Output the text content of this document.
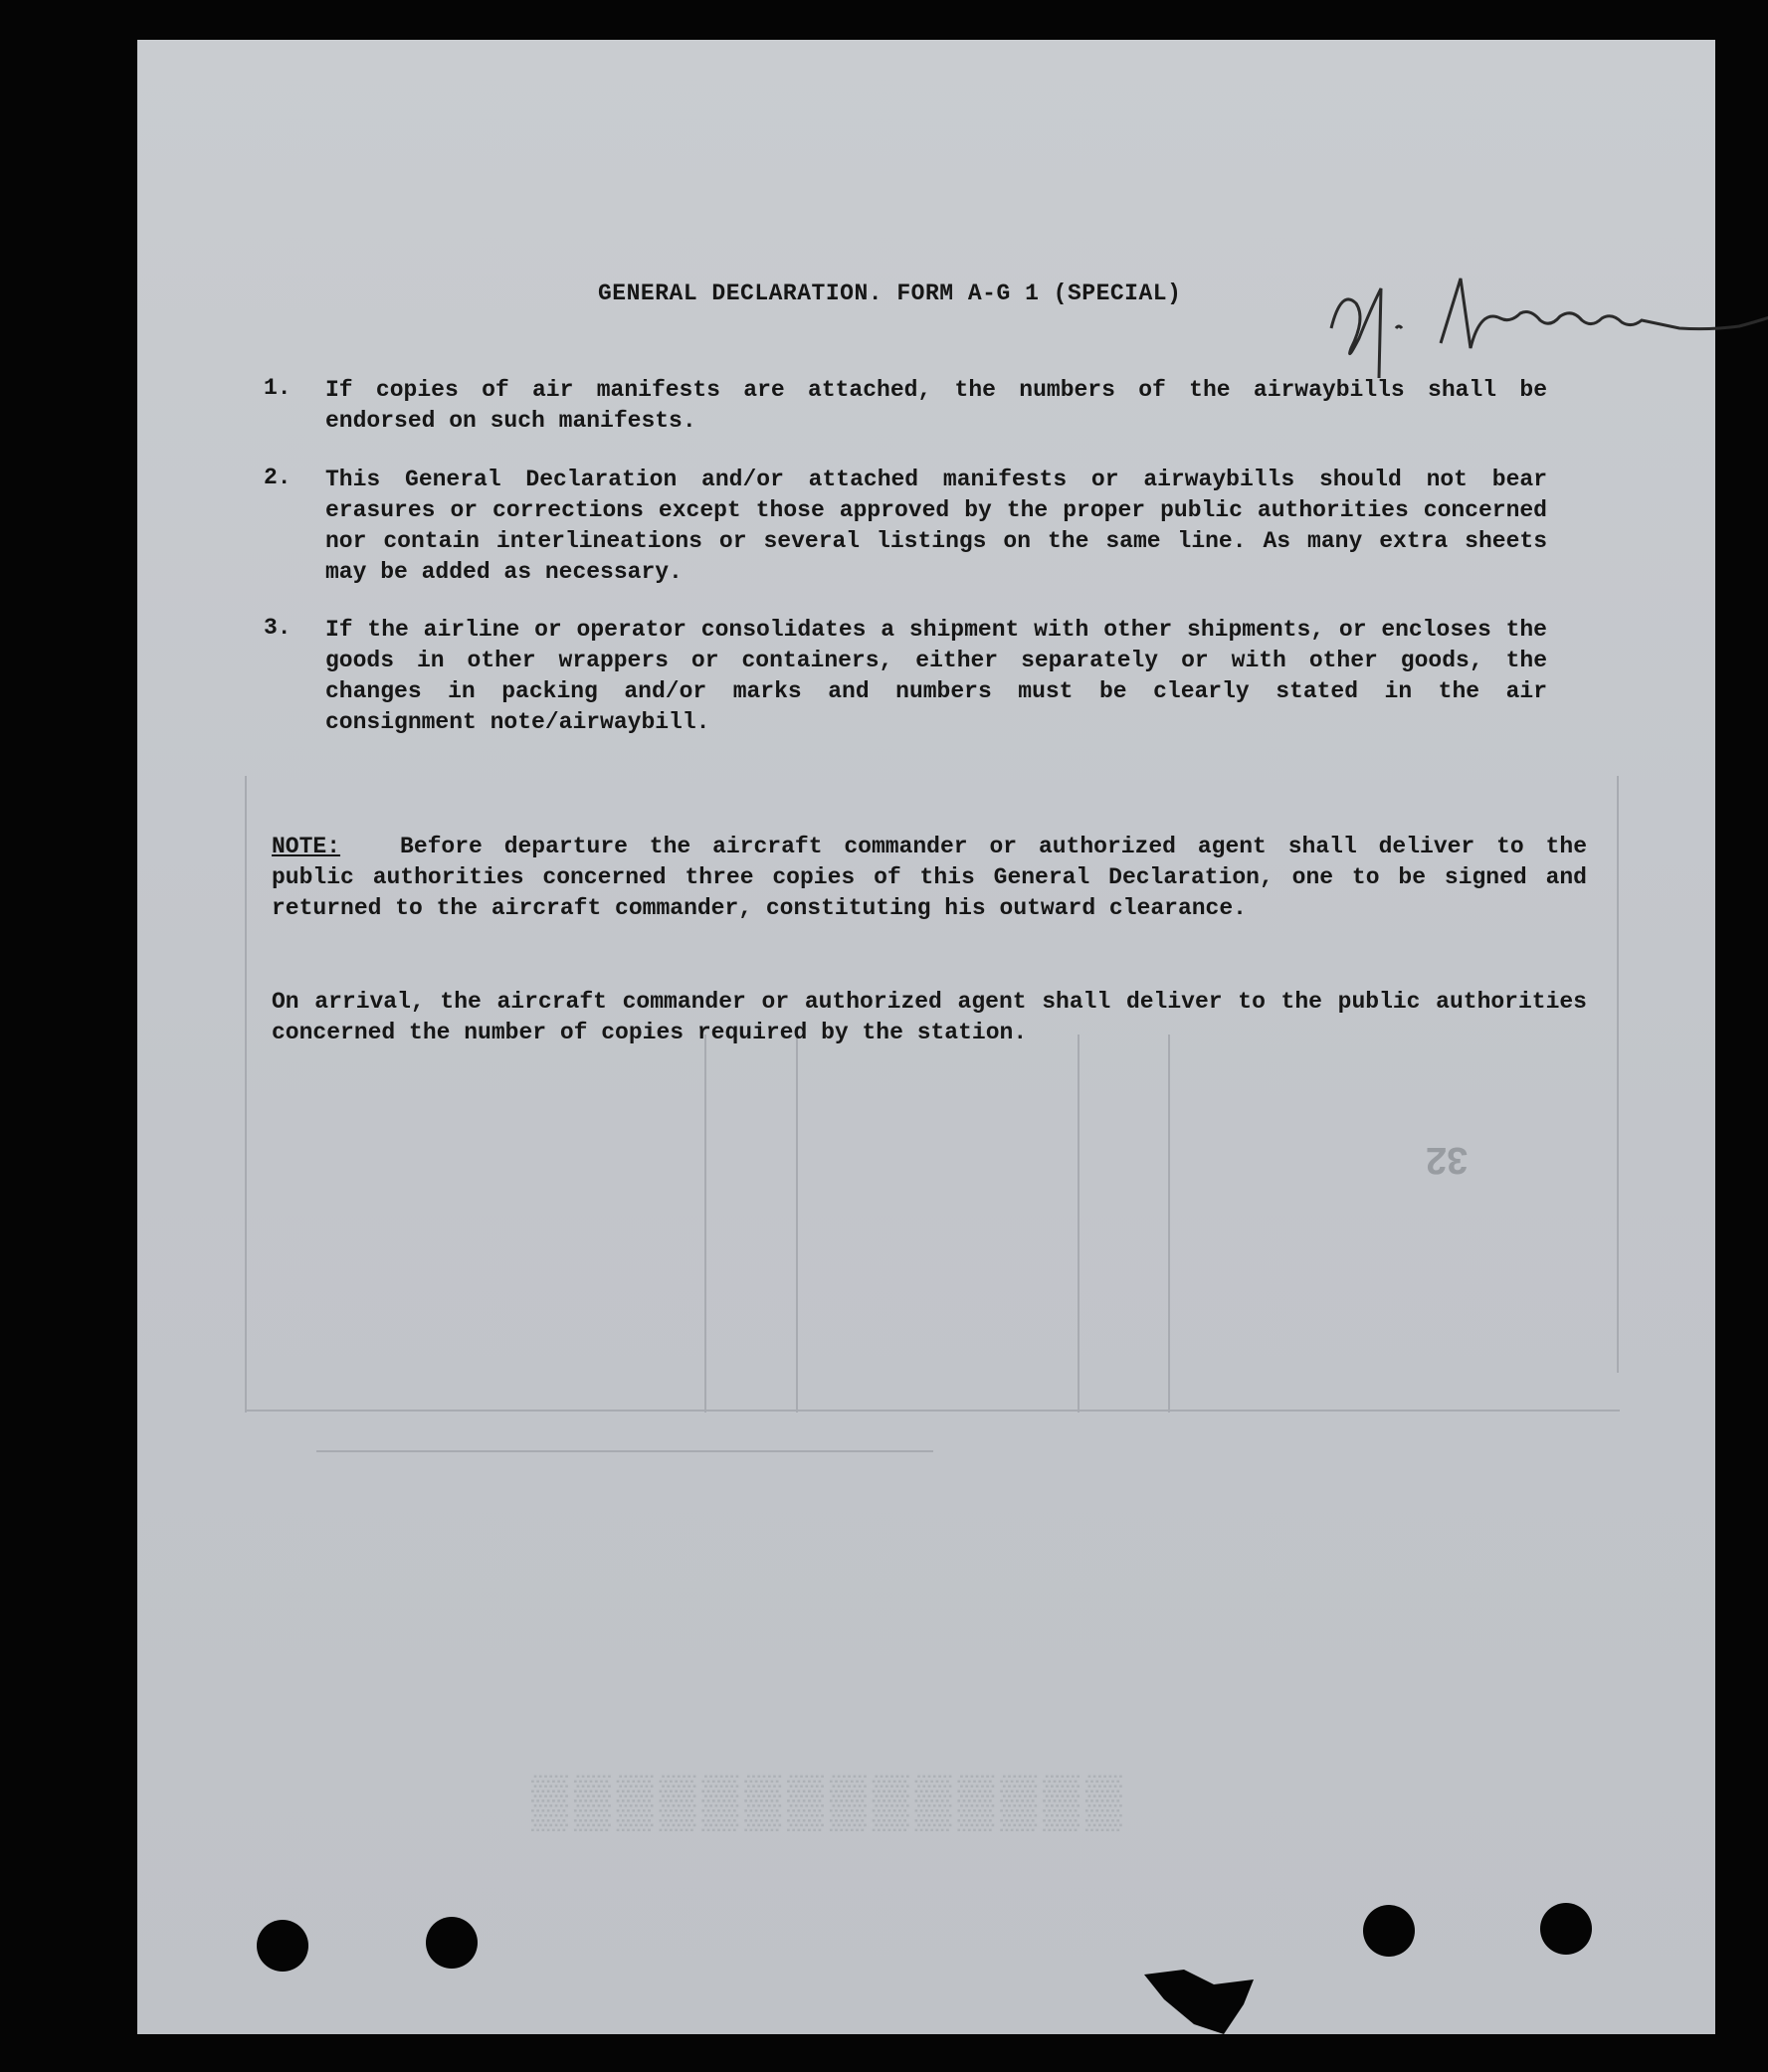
▒▒▒▒▒▒▒▒▒▒▒▒▒▒
GENERAL DECLARATION. FORM A-G 1 (SPECIAL)
1.	If copies of air manifests are attached, the numbers of the airwaybills shall be endorsed on such manifests.
2.	This General Declaration and/or attached manifests or airwaybills should not bear erasures or corrections except those approved by the proper public authorities concerned nor contain interlineations or several listings on the same line. As many extra sheets may be added as necessary.
3.	If the airline or operator consolidates a shipment with other shipments, or encloses the goods in other wrappers or containers, either separately or with other goods, the changes in packing and/or marks and numbers must be clearly stated in the air consignment note/airwaybill.
NOTE:	Before departure the aircraft commander or authorized agent shall deliver to the public authorities concerned three copies of this General Declaration, one to be signed and returned to the aircraft commander, constituting his outward clearance.
On arrival, the aircraft commander or authorized agent shall deliver to the public authorities concerned the number of copies required by the station.
32
